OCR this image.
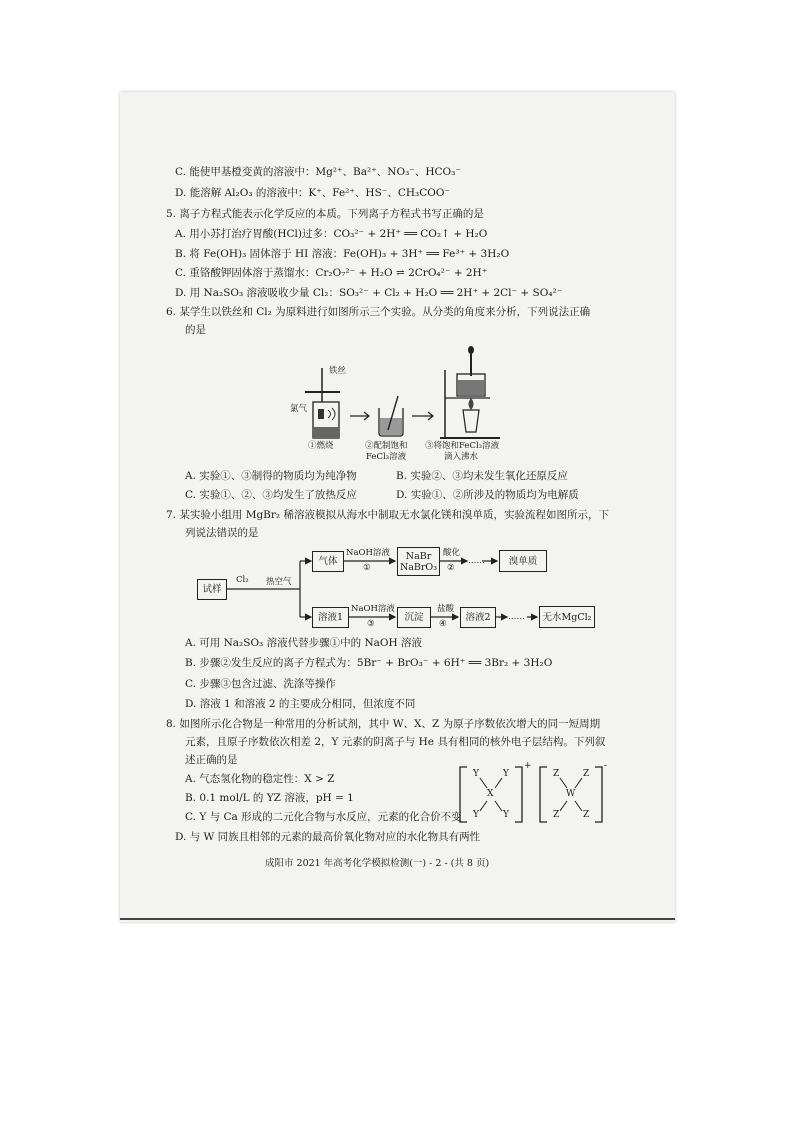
C. 能使甲基橙变黄的溶液中：Mg²⁺、Ba²⁺、NO₃⁻、HCO₃⁻
D. 能溶解 Al₂O₃ 的溶液中：K⁺、Fe²⁺、HS⁻、CH₃COO⁻
5. 离子方程式能表示化学反应的本质。下列离子方程式书写正确的是
A. 用小苏打治疗胃酸(HCl)过多：CO₃²⁻ + 2H⁺ ══ CO₂↑ + H₂O
B. 将 Fe(OH)₃ 固体溶于 HI 溶液：Fe(OH)₃ + 3H⁺ ══ Fe³⁺ + 3H₂O
C. 重铬酸钾固体溶于蒸馏水：Cr₂O₇²⁻ + H₂O ⇌ 2CrO₄²⁻ + 2H⁺
D. 用 Na₂SO₃ 溶液吸收少量 Cl₂：SO₃²⁻ + Cl₂ + H₂O ══ 2H⁺ + 2Cl⁻ + SO₄²⁻
6. 某学生以铁丝和 Cl₂ 为原料进行如图所示三个实验。从分类的角度来分析，下列说法正确
的是
铁丝
氯气
①燃烧	②配制饱和
FeCl₃溶液
③将饱和FeCl₃溶液
滴入沸水
A. 实验①、③制得的物质均为纯净物	B. 实验②、③均未发生氧化还原反应
C. 实验①、②、③均发生了放热反应	D. 实验①、②所涉及的物质均为电解质
7. 某实验小组用 MgBr₂ 稀溶液模拟从海水中制取无水氯化镁和溴单质，实验流程如图所示，下
列说法错误的是
试样
Cl₂ 热空气
气体
NaOH溶液
①
NaBr
NaBrO₃
酸化
②
…… 溴单质
溶液1
NaOH溶液
③
沉淀
盐酸
④
溶液2 …… 无水MgCl₂
A. 可用 Na₂SO₃ 溶液代替步骤①中的 NaOH 溶液
B. 步骤②发生反应的离子方程式为：5Br⁻ + BrO₃⁻ + 6H⁺ ══ 3Br₂ + 3H₂O
C. 步骤③包含过滤、洗涤等操作
D. 溶液 1 和溶液 2 的主要成分相同，但浓度不同
8. 如图所示化合物是一种常用的分析试剂，其中 W、X、Z 为原子序数依次增大的同一短周期
元素，且原子序数依次相差 2，Y 元素的阴离子与 He 具有相同的核外电子层结构。下列叙
述正确的是
A. 气态氢化物的稳定性：X > Z
B. 0.1 mol/L 的 YZ 溶液，pH = 1
C. Y 与 Ca 形成的二元化合物与水反应，元素的化合价不变
D. 与 W 同族且相邻的元素的最高价氧化物对应的水化物具有两性
Y	Y
X
Y	Y
+
Z	Z
W
Z	Z
-
成阳市 2021 年高考化学模拟检测(一) - 2 - (共 8 页)
